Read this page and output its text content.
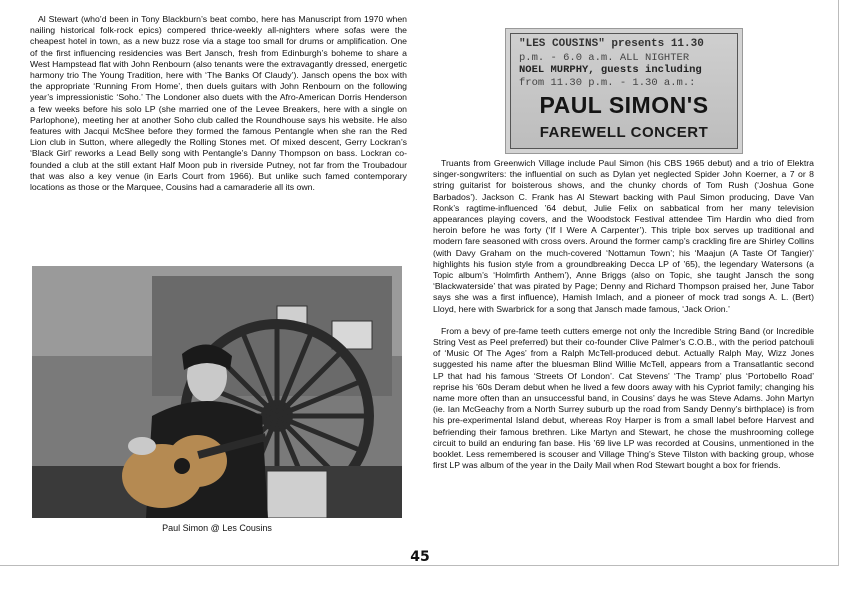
Al Stewart (who’d been in Tony Blackburn’s beat combo, here has Manuscript from 1970 when nailing historical folk-rock epics) compered thrice-weekly all-nighters where sofas were the cheapest hotel in town, as a new buzz rose via a stage too small for drums or amplification. One of the first influencing residencies was Bert Jansch, fresh from Edinburgh’s boheme to share a West Hampstead flat with John Renbourn (also tenants were the extravagantly dressed, energetic harmony trio The Young Tradition, here with ‘The Banks Of Claudy’). Jansch opens the box with the appropriate ‘Running From Home’, then duels guitars with John Renbourn on the following year’s impressionistic ‘Soho.’ The Londoner also duets with the Afro-American Dorris Henderson a few weeks before his solo LP (she married one of the Levee Breakers, here with a single on Parlophone), meeting her at another Soho club called the Roundhouse says his website. He also features with Jacqui McShee before they formed the famous Pentangle when she ran the Red Lion club in Sutton, where allegedly the Rolling Stones met. Of mixed descent, Gerry Lockran’s ‘Black Girl’ reworks a Lead Belly song with Pentangle’s Danny Thompson on bass. Lockran co-founded a club at the still extant Half Moon pub in riverside Putney, not far from the Troubadour that was also a key venue (in Earls Court from 1966). But unlike such famed contemporary locations as those or the Marquee, Cousins had a camaraderie all its own.

Paul Simon @ Les Cousins
"LES COUSINS" presents 11.30
p.m. - 6.0 a.m. ALL NIGHTER
NOEL MURPHY, guests including
from 11.30 p.m. - 1.30 a.m.:
PAUL SIMON'S
FAREWELL CONCERT

Truants from Greenwich Village include Paul Simon (his CBS 1965 debut) and a trio of Elektra singer-songwriters: the influential on such as Dylan yet neglected Spider John Koerner, a 7 or 8 string guitarist for boisterous shows, and the chunky chords of Tom Rush (‘Joshua Gone Barbados’). Jackson C. Frank has Al Stewart backing with Paul Simon producing, Dave Van Ronk’s ragtime-influenced ’64 debut, Julie Felix on sabbatical from her many television appearances playing covers, and the Woodstock Festival attendee Tim Hardin who died from heroin before he was forty (‘If I Were A Carpenter’). This triple box serves up traditional and modern fare seasoned with cross overs. Around the former camp’s crackling fire are Shirley Collins (with Davy Graham on the much-covered ‘Nottamun Town’; his ‘Maajun (A Taste Of Tangier)’ highlights his fusion style from a groundbreaking Decca LP of ’65), the legendary Watersons (a Topic album’s ‘Holmfirth Anthem’), Anne Briggs (also on Topic, she taught Jansch the song ‘Blackwaterside’ that was pirated by Page; Denny and Richard Thompson praised her, June Tabor says she was a first influence), Hamish Imlach, and a pioneer of mock trad songs A. L. (Bert) Lloyd, here with Swarbrick for a song that Jansch made famous, ‘Jack Orion.’

From a bevy of pre-fame teeth cutters emerge not only the Incredible String Band (or Incredible String Vest as Peel preferred) but their co-founder Clive Palmer’s C.O.B., with the period patchouli of ‘Music Of The Ages’ from a Ralph McTell-produced debut. Actually Ralph May, Wizz Jones suggested his name after the bluesman Blind Willie McTell, appears from a Transatlantic second LP that had his famous ‘Streets Of London’. Cat Stevens’ ‘The Tramp’ plus ‘Portobello Road’ reprise his ’60s Deram debut when he lived a few doors away with his Cypriot family; changing his name more often than an unsuccessful band, in Cousins’ days he was Steve Adams. John Martyn (ie. Ian McGeachy from a North Surrey suburb up the road from Sandy Denny’s birthplace) is from his pre-experimental Island debut, whereas Roy Harper is from a small label before Harvest and befriending their famous brethren. Like Martyn and Stewart, he chose the mushrooming college circuit to build an enduring fan base. His ’69 live LP was recorded at Cousins, unmentioned in the booklet. Less remembered is scouser and Village Thing’s Steve Tilston with backing group, whose first LP was album of the year in the Daily Mail when Rod Stewart bought a box for friends.

45
